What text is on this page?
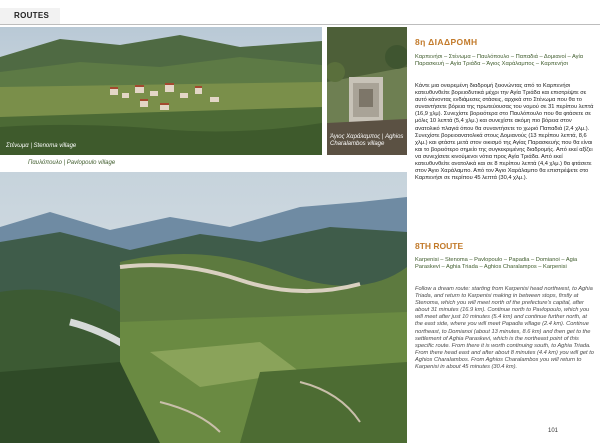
ROUTES
Στένωμα | Stenoma village
Άγιος Χαράλαμπος | Aghios Charalambos village
Παυλόπουλο | Pavlopoulo village
8η ΔΙΑΔΡΟΜΗ
Καρπενήσι – Στένωμα – Παυλόπουλο – Παπαδιά – Δομιανοί – Αγία Παρασκευή – Αγία Τριάδα – Άγιος Χαράλαμπος – Καρπενήσι
Κάντε μια ονειρεμένη διαδρομή ξεκινώντας από το Καρπενήσι κατευθυνθείτε βορειοδυτικά μέχρι την Αγία Τριάδα και επιστρέψτε σε αυτό κάνοντας ενδιάμεσες στάσεις, αρχικά στο Στένωμα που θα το συναντήσετε βόρεια της πρωτεύουσας του νομού σε 31 περίπου λεπτά (16,9 χλμ). Συνεχίστε βορειότερα στο Παυλόπουλο που θα φτάσετε σε μόλις 10 λεπτά (5,4 χλμ.) και συνεχίστε ακόμη πιο βόρεια στον ανατολικό πλαγιά όπου θα συναντήσετε το χωριό Παπαδιά (2,4 χλμ.). Συνεχίστε βορειοανατολικά στους Δομιανούς (13 περίπου λεπτά, 8,6 χλμ.) και φτάστε μετά στον οικισμό της Αγίας Παρασκευής που θα είναι και το βορειότερο σημείο της συγκεκριμένης διαδρομής. Από εκεί αξίζει να συνεχίσετε κινούμενοι νότια προς Αγία Τριάδα. Από εκεί κατευθυνθείτε ανατολικά και σε 8 περίπου λεπτά (4,4 χλμ.) θα φτάσετε στον Άγιο Χαράλαμπο. Από τον Άγιο Χαράλαμπο θα επιστρέψετε στο Καρπενήσι σε περίπου 45 λεπτά (30,4 χλμ.).
8TH ROUTE
Karpenisi – Stenoma – Pavlopoulo – Papadia – Domianoi – Agia Paraskevi – Aghia Triada – Aghios Charalampos – Karpenisi
Follow a dream route: starting from Karpenisi head northwest, to Aghia Triada, and return to Karpenisi making in between stops, firstly at Stenoma, which you will meet north of the prefecture's capital, after about 31 minutes (16.9 km). Continue north to Pavlopoulo, which you will meet after just 10 minutes (5.4 km) and continue further north, at the east side, where you will meet Papadia village (2.4 km). Continue northeast, to Domianoi (about 13 minutes, 8.6 km) and then get to the settlement of Aghia Paraskevi, which is the northeast point of this specific route. From there it is worth continuing south, to Aghia Triada. From there head east and after about 8 minutes (4.4 km) you will get to Aghios Charalambos. From Aghios Charalambos you will return to Karpenisi in about 45 minutes (30.4 km).
101
